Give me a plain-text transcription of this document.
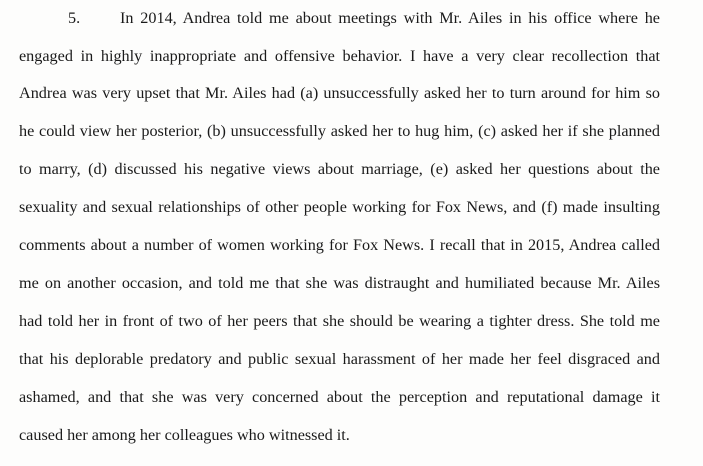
5. In 2014, Andrea told me about meetings with Mr. Ailes in his office where he
engaged in highly inappropriate and offensive behavior. I have a very clear recollection that
Andrea was very upset that Mr. Ailes had (a) unsuccessfully asked her to turn around for him so
he could view her posterior, (b) unsuccessfully asked her to hug him, (c) asked her if she planned
to marry, (d) discussed his negative views about marriage, (e) asked her questions about the
sexuality and sexual relationships of other people working for Fox News, and (f) made insulting
comments about a number of women working for Fox News. I recall that in 2015, Andrea called
me on another occasion, and told me that she was distraught and humiliated because Mr. Ailes
had told her in front of two of her peers that she should be wearing a tighter dress. She told me
that his deplorable predatory and public sexual harassment of her made her feel disgraced and
ashamed, and that she was very concerned about the perception and reputational damage it
caused her among her colleagues who witnessed it.
